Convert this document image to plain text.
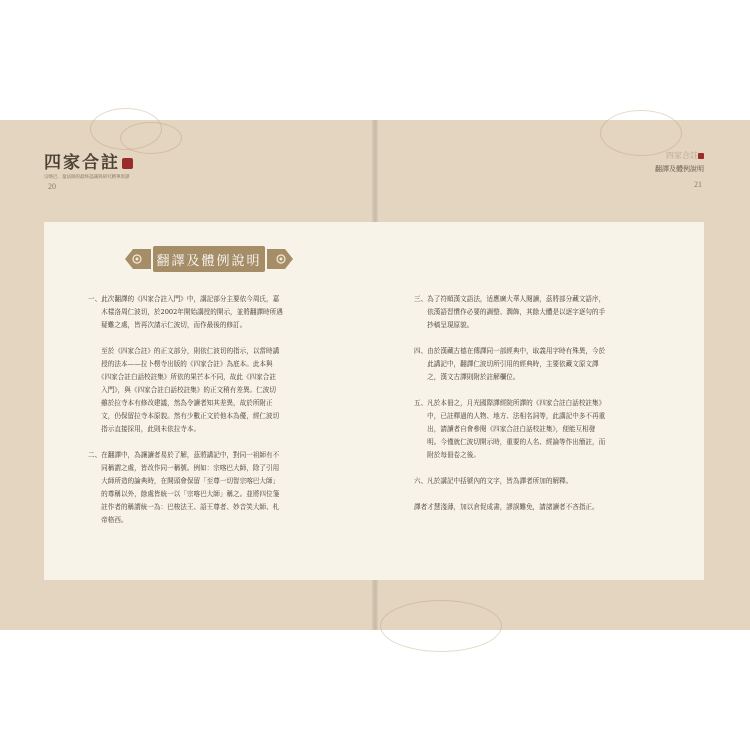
四家合註
宗喀巴．量法師的最終認識與研究精華原譯
20
四家合註
翻譯及體例說明
21
翻譯及體例說明

一、此次翻譯的《四家合註入門》中，講記部分主要依今周氏，嘉
　　木樣洛周仁波切，於2002年開始講授的開示，並將翻譯時所遇
　　疑難之處，皆再次請示仁波切，而作最後的修訂。

　　至於《四家合註》的正文部分，則依仁波切的指示，以當時講
　　授的法本——拉卜楞寺出版的《四家合註》為底本。此本與
　　《四家合註白話校註集》所依的果芒本不同，故此《四家合註
　　入門》，與《四家合註白話校註集》的正文稍有差異。仁波切
　　雖於拉寺本有修改建議，然為令讀者知其差異，故於所附正
　　文，仍保留拉寺本原貌。然有少數正文於他本為優，經仁波切
　　指示直接採用，此則未依拉寺本。

二、在翻譯中，為讓讀者易於了解，茲將講記中，對同一祖師有不
　　同稱謂之處，皆改作同一稱號。例如：宗喀巴大師，除了引用
　　大師所造的論典時，在開頭會保留「至尊一切智宗喀巴大師」
　　的尊稱以外，餘處皆統一以「宗喀巴大師」稱之。並將四位箋
　　註作者的稱謂統一為：巴梭法王、語王尊者、妙音笑大師、札
　　帝格西。

三、為了符順漢文語法，适應廣大華人閱讀，茲將部分藏文語序，
　　依漢語習慣作必要的調整、潤飾，其餘大體是以逐字逐句的手
　　抄稿呈現原貌。

四、由於漢藏古德在傳譯同一部經典中，取義用字時有殊異，今於
　　此講記中，翻譯仁波切所引用的經典時，主要依藏文原文譯
　　之，漢文古譯則附於註解欄位。

五、凡於本冊之，月光國際譯經院所譯的《四家合註白話校註集》
　　中，已註釋過的人物、地方、法相名詞等，此講記中多不再重
　　出，請讀者自會參閱《四家合註白話校註集》，便能互相發
　　明。今僅就仁波切開示時，重要的人名、經論等作出簡註，而
　　附於每冊卷之後。

六、凡於講記中括號內的文字，皆為譯者所加的解釋。

譯者才慧淺薄，加以倉促成書，謬誤難免，請諸讀者不吝指正。
